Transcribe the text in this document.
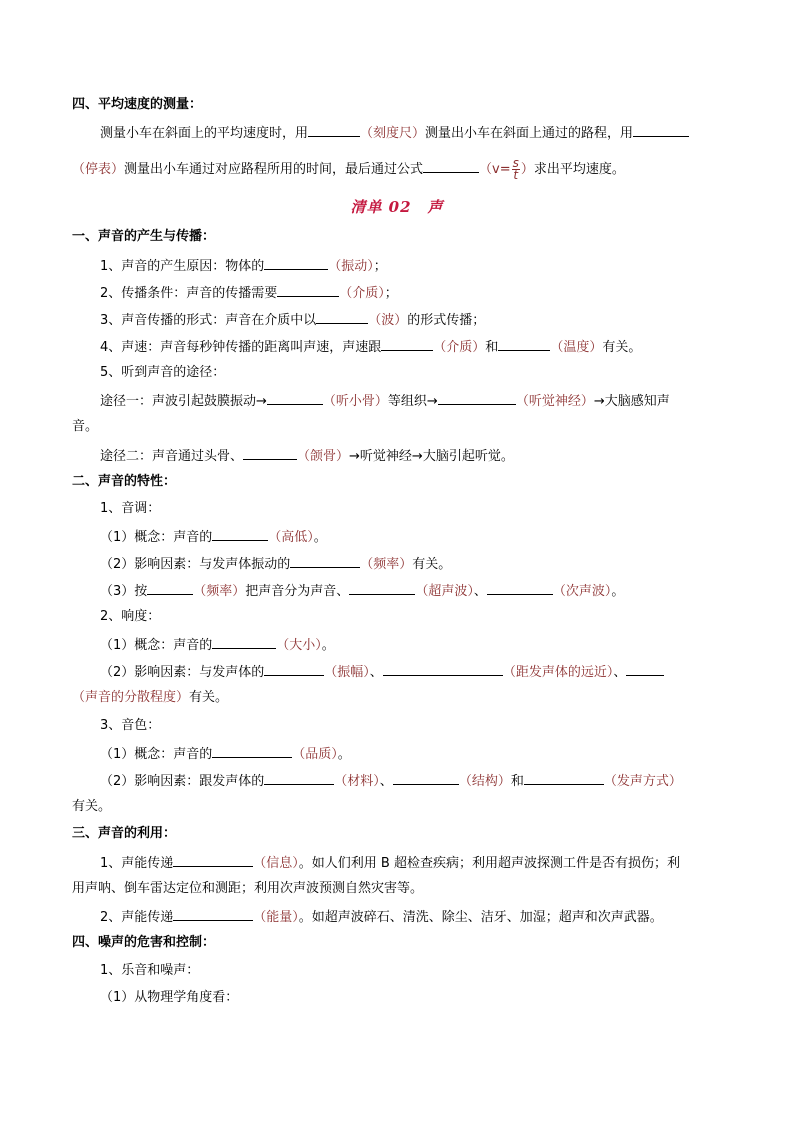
四、平均速度的测量：
测量小车在斜面上的平均速度时，用	（刻度尺）测量出小车在斜面上通过的路程，用
（停表）测量出小车通过对应路程所用的时间，最后通过公式	（$v= \frac{s}{t}$ ）求出平均速度。
清单 02　声
一、声音的产生与传播：
1、声音的产生原因：物体的	（振动）；
2、传播条件：声音的传播需要	（介质）；
3、声音传播的形式：声音在介质中以	（波）的形式传播；
4、声速：声音每秒钟传播的距离叫声速，声速跟	（介质）和	（温度）有关。
5、听到声音的途径：
途径一：声波引起鼓膜振动→	（听小骨）等组织→	（听觉神经）→大脑感知声
音。
途径二：声音通过头骨、	（颌骨）→听觉神经→大脑引起听觉。
二、声音的特性：
1、音调：
（1）概念：声音的	（高低）。
（2）影响因素：与发声体振动的	（频率）有关。
（3）按	（频率）把声音分为声音、	（超声波）、	（次声波）。
2、响度：
（1）概念：声音的	（大小）。
（2）影响因素：与发声体的	（振幅）、	（距发声体的远近）、
（声音的分散程度）有关。
3、音色：
（1）概念：声音的	（品质）。
（2）影响因素：跟发声体的	（材料）、	（结构）和	（发声方式）
有关。
三、声音的利用：
1、声能传递	（信息）。如人们利用 B 超检查疾病；利用超声波探测工件是否有损伤；利
用声呐、倒车雷达定位和测距；利用次声波预测自然灾害等。
2、声能传递	（能量）。如超声波碎石、清洗、除尘、洁牙、加湿；超声和次声武器。
四、噪声的危害和控制：
1、乐音和噪声：
（1）从物理学角度看：
